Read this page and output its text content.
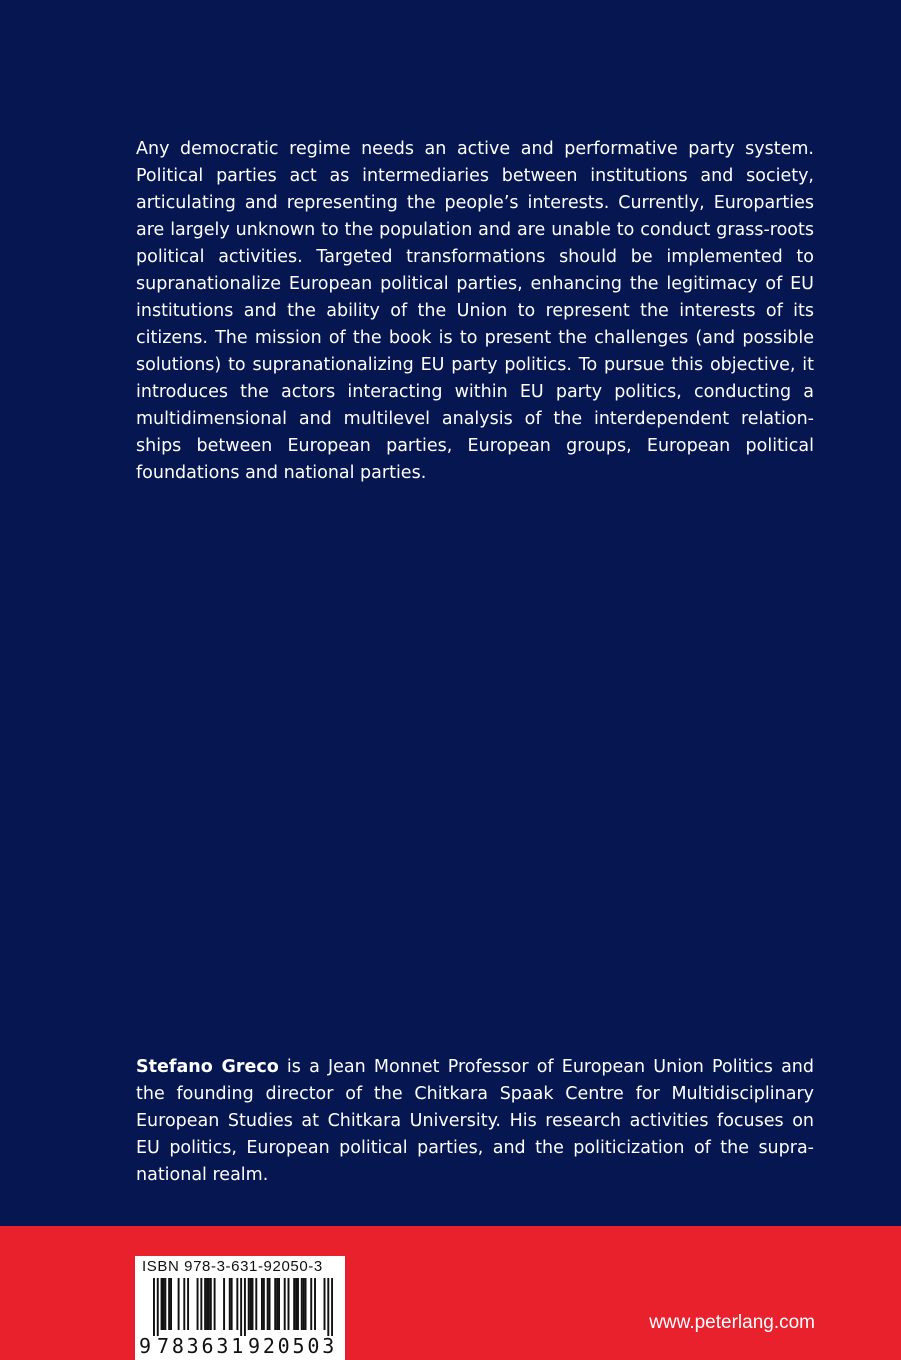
Any democratic regime needs an active and performative party system. Political parties act as intermediaries between institutions and society, articulating and representing the people’s interests. Currently, Europarties are largely unknown to the population and are unable to conduct grass-roots political activities. Targeted transformations should be implemented to supranationalize European political parties, enhancing the legitimacy of EU institutions and the ability of the Union to represent the interests of its citizens. The mission of the book is to present the challenges (and possible solutions) to supranationalizing EU party politics. To pursue this objective, it introduces the actors interacting within EU party politics, conducting a multidimensional and multilevel analysis of the interdependent relation-ships between European parties, European groups, European political foundations and national parties.

Stefano Greco is a Jean Monnet Professor of European Union Politics and the founding director of the Chitkara Spaak Centre for Multidisciplinary European Studies at Chitkara University. His research activities focuses on EU politics, European political parties, and the politicization of the supra-national realm.

ISBN 978-3-631-92050-3
9 783631 920503
www.peterlang.com
